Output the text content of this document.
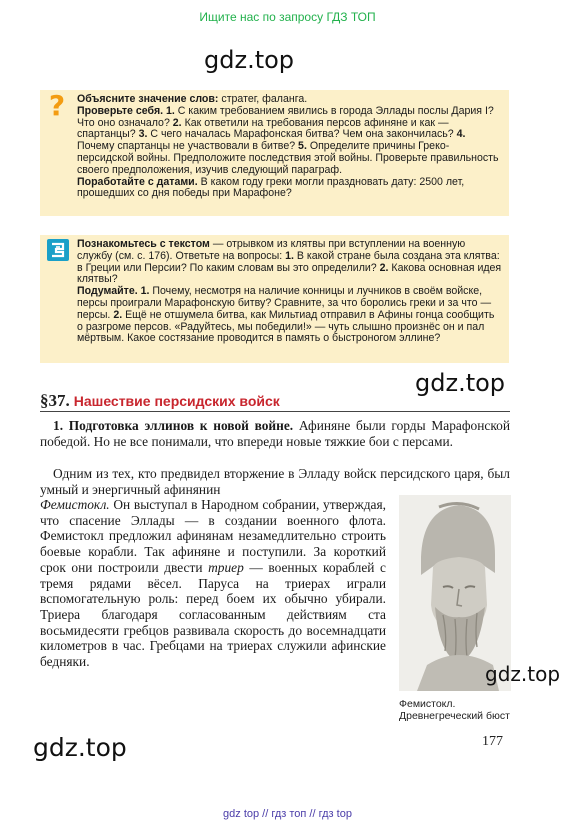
Ищите нас по запросу ГДЗ ТОП
gdz.top
? Объясните значение слов: стратег, фаланга.

Проверьте себя. 1. С каким требованием явились в города Эллады послы Дария I? Что оно означало? 2. Как ответили на требования персов афиняне и как — спартанцы? 3. С чего началась Марафонская битва? Чем она закончилась? 4. Почему спартанцы не участвовали в битве? 5. Определите причины Греко-персидской войны. Предположите последствия этой войны. Проверьте правильность своего предположения, изучив следующий параграф.

Поработайте с датами. В каком году греки могли праздновать дату: 2500 лет, прошедших со дня победы при Марафоне?

Познакомьтесь с текстом — отрывком из клятвы при вступлении на военную службу (см. с. 176). Ответьте на вопросы: 1. В какой стране была создана эта клятва: в Греции или Персии? По каким словам вы это определили? 2. Какова основная идея клятвы?

Подумайте. 1. Почему, несмотря на наличие конницы и лучников в своём войске, персы проиграли Марафонскую битву? Сравните, за что боролись греки и за что — персы. 2. Ещё не отшумела битва, как Мильтиад отправил в Афины гонца сообщить о разгроме персов. «Радуйтесь, мы победили!» — чуть слышно произнёс он и пал мёртвым. Какое состязание проводится в память о быстроногом эллине?

gdz.top
§37. Нашествие персидских войск

1. Подготовка эллинов к новой войне. Афиняне были горды Марафонской победой. Но не все понимали, что впереди новые тяжкие бои с персами.

Одним из тех, кто предвидел вторжение в Элладу войск персидского царя, был умный и энергичный афинянин

Фемистокл. Он выступал в Народном собрании, утверждая, что спасение Эллады — в создании военного флота. Фемистокл предложил афинянам незамедлительно строить боевые корабли. Так афиняне и поступили. За короткий срок они построили двести триер — военных кораблей с тремя рядами вёсел. Паруса на триерах играли вспомогательную роль: перед боем их обычно убирали. Триера благодаря согласованным действиям ста восьмидесяти гребцов развивала скорость до восемнадцати километров в час. Гребцами на триерах служили афинские бедняки.

gdz.top
Фемистокл. Древнегреческий бюст
gdz.top	177
gdz top // гдз топ // гдз top
